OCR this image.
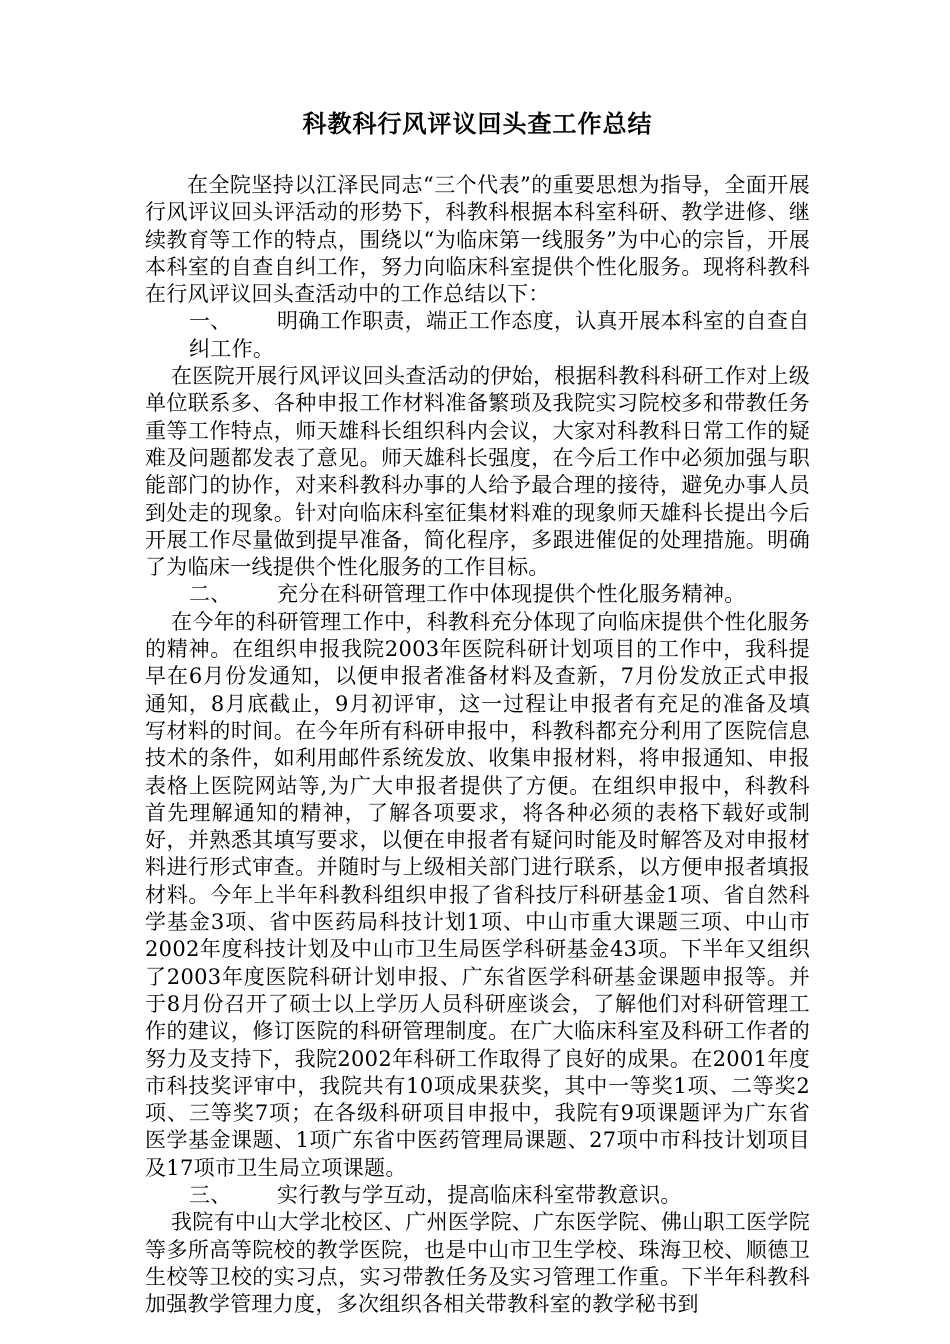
科教科行风评议回头查工作总结

在全院坚持以江泽民同志“三个代表”的重要思想为指导，全面开展行风评议回头评活动的形势下，科教科根据本科室科研、教学进修、继续教育等工作的特点，围绕以“为临床第一线服务”为中心的宗旨，开展本科室的自查自纠工作，努力向临床科室提供个性化服务。现将科教科在行风评议回头查活动中的工作总结以下：

一、 明确工作职责，端正工作态度，认真开展本科室的自查自纠工作。

在医院开展行风评议回头查活动的伊始，根据科教科科研工作对上级单位联系多、各种申报工作材料准备繁琐及我院实习院校多和带教任务重等工作特点，师天雄科长组织科内会议，大家对科教科日常工作的疑难及问题都发表了意见。师天雄科长强度，在今后工作中必须加强与职能部门的协作，对来科教科办事的人给予最合理的接待，避免办事人员到处走的现象。针对向临床科室征集材料难的现象师天雄科长提出今后开展工作尽量做到提早准备，简化程序，多跟进催促的处理措施。明确了为临床一线提供个性化服务的工作目标。

二、 充分在科研管理工作中体现提供个性化服务精神。

在今年的科研管理工作中，科教科充分体现了向临床提供个性化服务的精神。在组织申报我院2003年医院科研计划项目的工作中，我科提早在6月份发通知，以便申报者准备材料及查新，7月份发放正式申报通知，8月底截止，9月初评审，这一过程让申报者有充足的准备及填写材料的时间。在今年所有科研申报中，科教科都充分利用了医院信息技术的条件，如利用邮件系统发放、收集申报材料，将申报通知、申报表格上医院网站等,为广大申报者提供了方便。在组织申报中，科教科首先理解通知的精神，了解各项要求，将各种必须的表格下载好或制好，并熟悉其填写要求，以便在申报者有疑问时能及时解答及对申报材料进行形式审查。并随时与上级相关部门进行联系，以方便申报者填报材料。今年上半年科教科组织申报了省科技厅科研基金1项、省自然科学基金3项、省中医药局科技计划1项、中山市重大课题三项、中山市2002年度科技计划及中山市卫生局医学科研基金43项。下半年又组织了2003年度医院科研计划申报、广东省医学科研基金课题申报等。并于8月份召开了硕士以上学历人员科研座谈会，了解他们对科研管理工作的建议，修订医院的科研管理制度。在广大临床科室及科研工作者的努力及支持下，我院2002年科研工作取得了良好的成果。在2001年度市科技奖评审中，我院共有10项成果获奖，其中一等奖1项、二等奖2项、三等奖7项；在各级科研项目申报中，我院有9项课题评为广东省医学基金课题、1项广东省中医药管理局课题、27项中市科技计划项目及17项市卫生局立项课题。

三、 实行教与学互动，提高临床科室带教意识。

我院有中山大学北校区、广州医学院、广东医学院、佛山职工医学院等多所高等院校的教学医院，也是中山市卫生学校、珠海卫校、顺德卫生校等卫校的实习点，实习带教任务及实习管理工作重。下半年科教科加强教学管理力度，多次组织各相关带教科室的教学秘书到
